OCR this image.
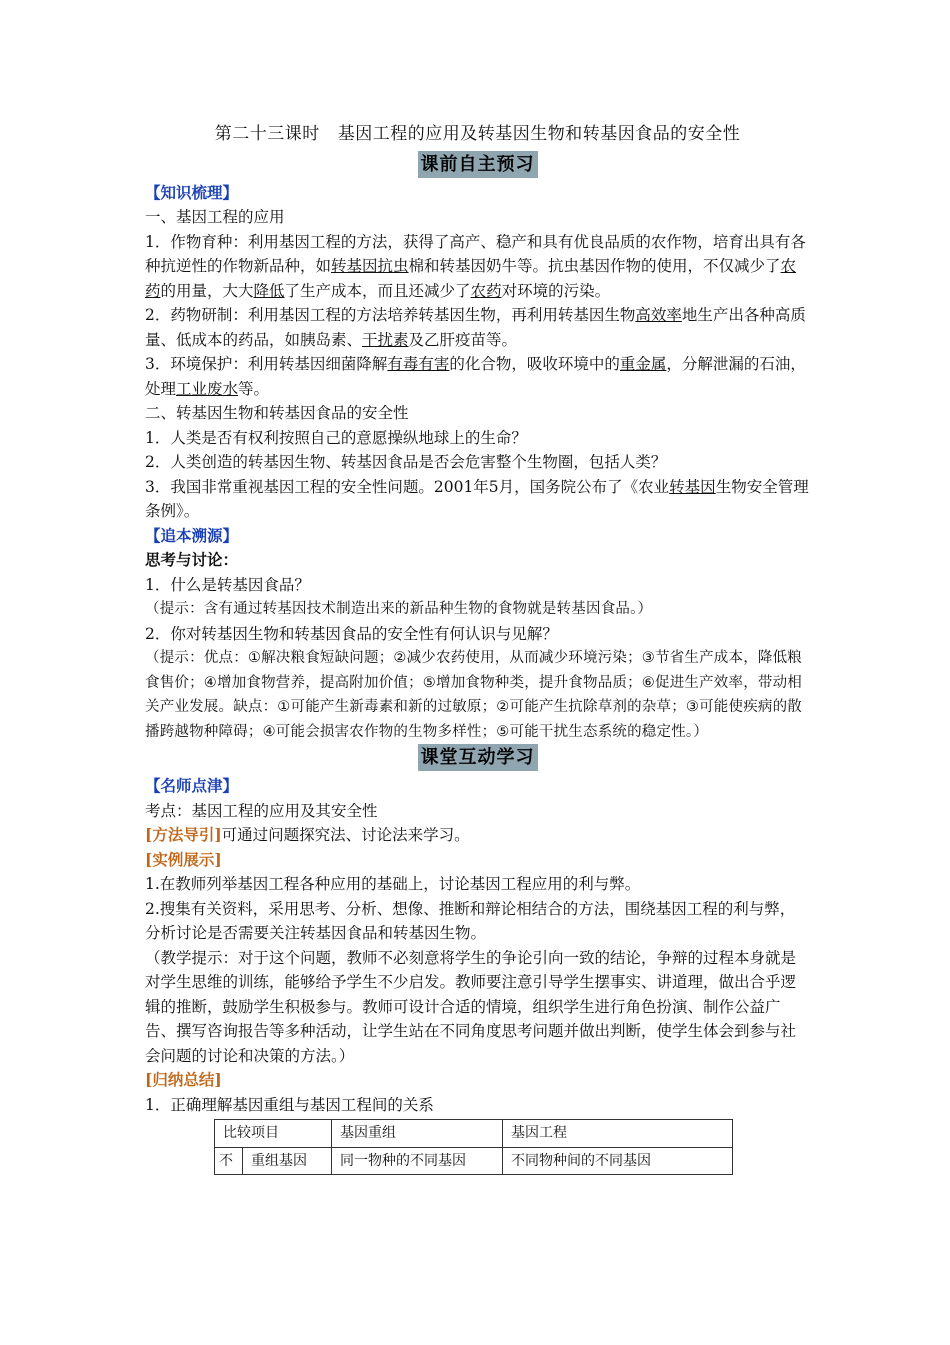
第二十三课时 基因工程的应用及转基因生物和转基因食品的安全性
课前自主预习

【知识梳理】

一、基因工程的应用

1．作物育种：利用基因工程的方法，获得了高产、稳产和具有优良品质的农作物，培育出具有各种抗逆性的作物新品种，如转基因抗虫棉和转基因奶牛等。抗虫基因作物的使用，不仅减少了农药的用量，大大降低了生产成本，而且还减少了农药对环境的污染。

2．药物研制：利用基因工程的方法培养转基因生物，再利用转基因生物高效率地生产出各种高质量、低成本的药品，如胰岛素、干扰素及乙肝疫苗等。

3．环境保护：利用转基因细菌降解有毒有害的化合物，吸收环境中的重金属，分解泄漏的石油，处理工业废水等。

二、转基因生物和转基因食品的安全性

1．人类是否有权利按照自己的意愿操纵地球上的生命？

2．人类创造的转基因生物、转基因食品是否会危害整个生物圈，包括人类？

3．我国非常重视基因工程的安全性问题。2001年5月，国务院公布了《农业转基因生物安全管理条例》。

【追本溯源】

思考与讨论：

1．什么是转基因食品？

（提示：含有通过转基因技术制造出来的新品种生物的食物就是转基因食品。）

2．你对转基因生物和转基因食品的安全性有何认识与见解？

（提示：优点：①解决粮食短缺问题；②减少农药使用，从而减少环境污染；③节省生产成本，降低粮食售价；④增加食物营养，提高附加价值；⑤增加食物种类，提升食物品质；⑥促进生产效率，带动相关产业发展。缺点：①可能产生新毒素和新的过敏原；②可能产生抗除草剂的杂草；③可能使疾病的散播跨越物种障碍；④可能会损害农作物的生物多样性；⑤可能干扰生态系统的稳定性。）

课堂互动学习

【名师点津】

考点：基因工程的应用及其安全性

[方法导引]可通过问题探究法、讨论法来学习。

[实例展示]

1.在教师列举基因工程各种应用的基础上，讨论基因工程应用的利与弊。

2.搜集有关资料，采用思考、分析、想像、推断和辩论相结合的方法，围绕基因工程的利与弊，分析讨论是否需要关注转基因食品和转基因生物。

（教学提示：对于这个问题，教师不必刻意将学生的争论引向一致的结论，争辩的过程本身就是对学生思维的训练，能够给予学生不少启发。教师要注意引导学生摆事实、讲道理，做出合乎逻辑的推断，鼓励学生积极参与。教师可设计合适的情境，组织学生进行角色扮演、制作公益广告、撰写咨询报告等多种活动，让学生站在不同角度思考问题并做出判断，使学生体会到参与社会问题的讨论和决策的方法。）

[归纳总结]

1．正确理解基因重组与基因工程间的关系

比较项目		基因重组	基因工程
不	重组基因	同一物种的不同基因	不同物种间的不同基因
